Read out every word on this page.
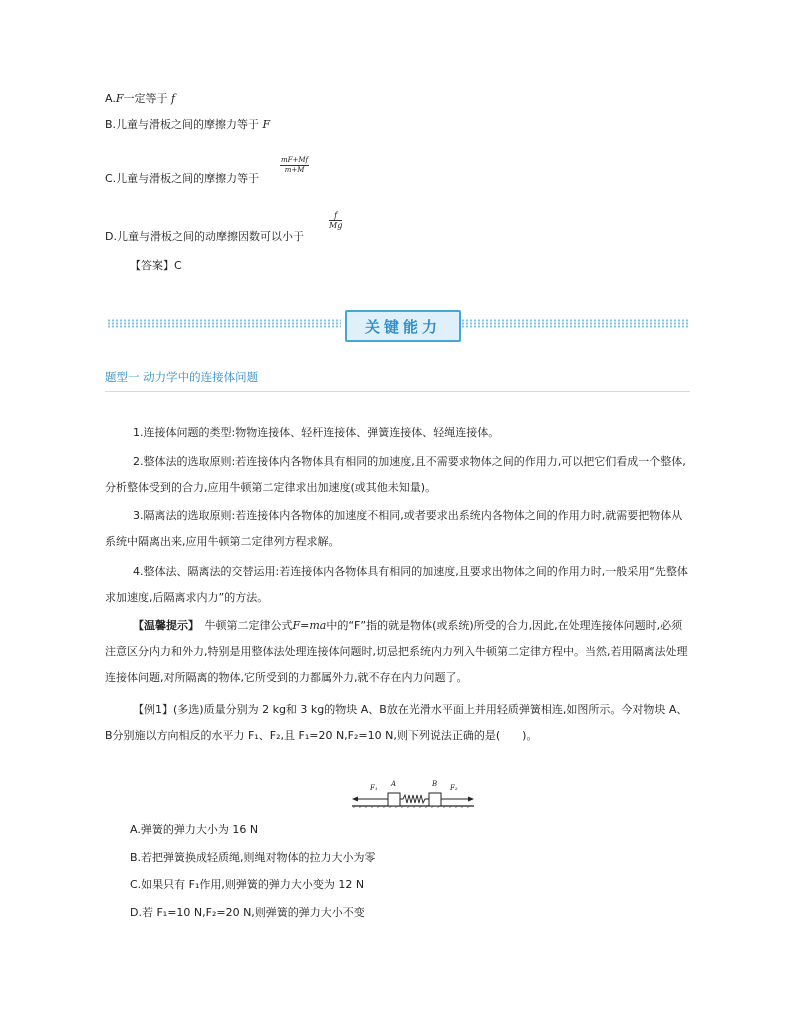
A.F一定等于 f
B.儿童与滑板之间的摩擦力等于 F
C.儿童与滑板之间的摩擦力等于
$\frac{mF+Mf}{m+M}$
D.儿童与滑板之间的动摩擦因数可以小于
$\frac{f}{Mg}$
【答案】C
关键能力
题型一 动力学中的连接体问题
1.连接体问题的类型:物物连接体、轻杆连接体、弹簧连接体、轻绳连接体。
2.整体法的选取原则:若连接体内各物体具有相同的加速度,且不需要求物体之间的作用力,可以把它们看成一个整体,分析整体受到的合力,应用牛顿第二定律求出加速度(或其他未知量)。
3.隔离法的选取原则:若连接体内各物体的加速度不相同,或者要求出系统内各物体之间的作用力时,就需要把物体从系统中隔离出来,应用牛顿第二定律列方程求解。
4.整体法、隔离法的交替运用:若连接体内各物体具有相同的加速度,且要求出物体之间的作用力时,一般采用“先整体求加速度,后隔离求内力”的方法。
【温馨提示】　 牛顿第二定律公式F=ma中的“F”指的就是物体(或系统)所受的合力,因此,在处理连接体问题时,必须注意区分内力和外力,特别是用整体法处理连接体问题时,切忌把系统内力列入牛顿第二定律方程中。当然,若用隔离法处理连接体问题,对所隔离的物体,它所受到的力都属外力,就不存在内力问题了。
【例1】(多选)质量分别为 2 kg和 3 kg的物块 A、B放在光滑水平面上并用轻质弹簧相连,如图所示。今对物块 A、B分别施以方向相反的水平力 F₁、F₂,且 F₁=20 N,F₂=10 N,则下列说法正确的是(　　)。
F₁ A	B F₂
A.弹簧的弹力大小为 16 N
B.若把弹簧换成轻质绳,则绳对物体的拉力大小为零
C.如果只有 F₁作用,则弹簧的弹力大小变为 12 N
D.若 F₁=10 N,F₂=20 N,则弹簧的弹力大小不变
